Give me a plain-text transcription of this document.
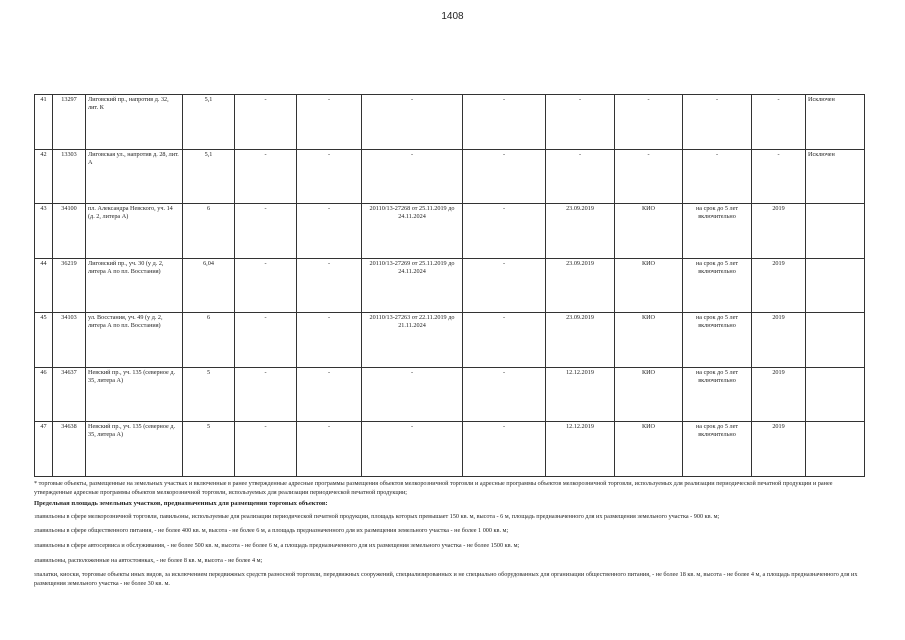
1408
41	13297	Лиговский пр., напротив д. 32, лит. К	5,1	-	-	-	-	-	-	-	-	Исключен
42	13303	Лиговская ул., напротив д. 28, лит. А	5,1	-	-	-	-	-	-	-	-	Исключен
43	34100	пл. Александра Невского, уч. 14 (д. 2, литера А)	6	-	-	20110/13-27268 от 25.11.2019 до 24.11.2024	-	23.09.2019	КИО	на срок до 5 лет включительно	2019	
44	36219	Лиговский пр., уч. 30 (у д. 2, литера А по пл. Восстания)	6,04	-	-	20110/13-27269 от 25.11.2019 до 24.11.2024	-	23.09.2019	КИО	на срок до 5 лет включительно	2019	
45	34103	ул. Восстания, уч. 49 (у д. 2, литера А по пл. Восстания)	6	-	-	20110/13-27263 от 22.11.2019 до 21.11.2024	-	23.09.2019	КИО	на срок до 5 лет включительно	2019	
46	34637	Невский пр., уч. 135 (северное д. 35, литера А)	5	-	-	-	-	12.12.2019	КИО	на срок до 5 лет включительно	2019	
47	34638	Невский пр., уч. 135 (северное д. 35, литера А)	5	-	-	-	-	12.12.2019	КИО	на срок до 5 лет включительно	2019	

* торговые объекты, размещенные на земельных участках и включенные в ранее утвержденные адресные программы размещения объектов мелкорозничной торговли и адресные программы объектов мелкорозничной торговли, используемых для реализации периодической печатной продукции и ранее утвержденные адресные программы объектов мелкорозничной торговли, используемых для реализации периодической печатной продукции;

Предельная площадь земельных участков, предназначенных для размещения торговых объектов:

$^1$павильоны в сфере мелкорозничной торговли, павильоны, используемые для реализации периодической печатной продукции, площадь которых превышает 150 кв. м, высота - 6 м, площадь предназначенного для их размещения земельного участка - 900 кв. м;

$^2$павильоны в сфере общественного питания, - не более 400 кв. м, высота - не более 6 м, а площадь предназначенного для их размещения земельного участка - не более 1 000 кв. м;

$^3$павильоны в сфере автосервиса и обслуживания, - не более 500 кв. м, высота - не более 6 м, а площадь предназначенного для их размещения земельного участка - не более 1500 кв. м;

$^4$павильоны, расположенные на автостоянках, - не более 8 кв. м, высота - не более 4 м;

$^5$палатки, киоски, торговые объекты иных видов, за исключением передвижных средств разносной торговли, передвижных сооружений, специализированных и не специально оборудованных для организации общественного питания, - не более 18 кв. м, высота - не более 4 м, а площадь предназначенного для их размещения земельного участка - не более 30 кв. м.
